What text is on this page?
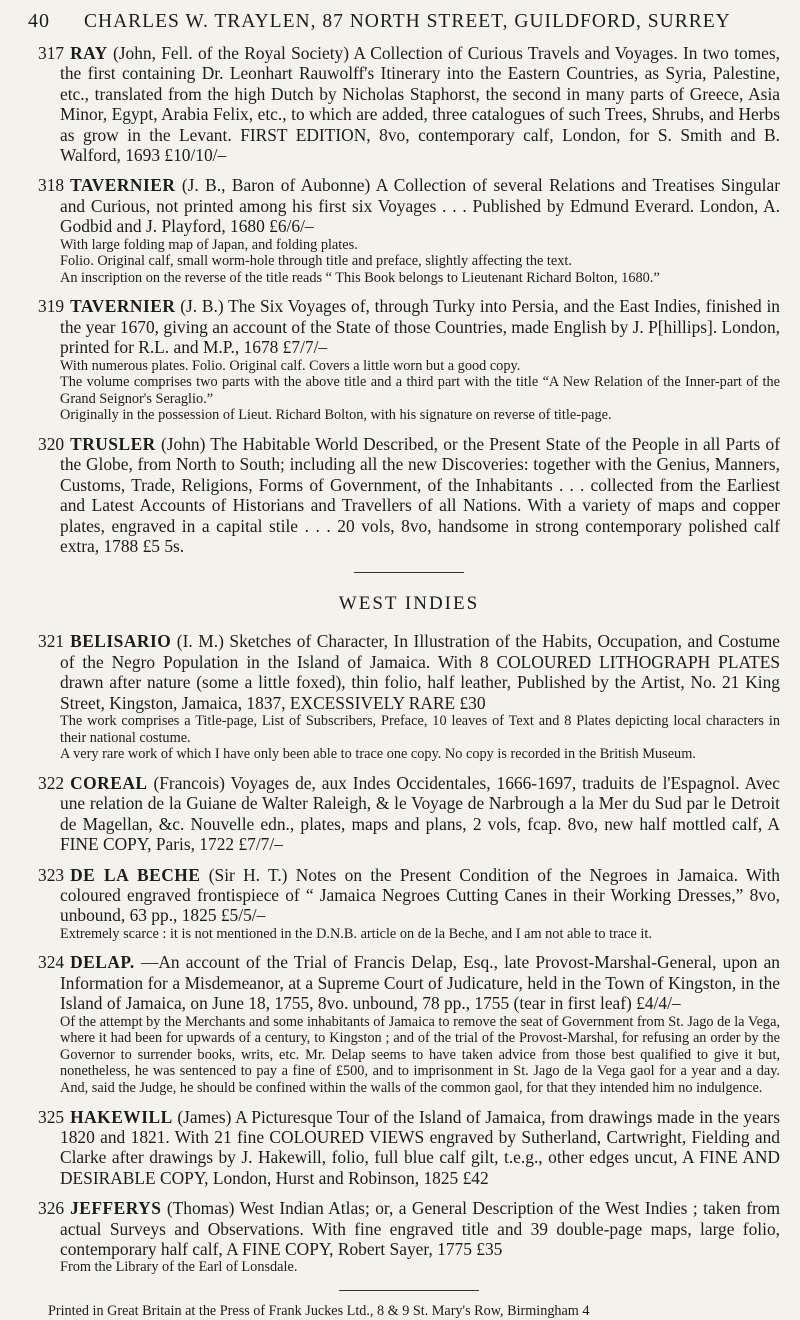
40 CHARLES W. TRAYLEN, 87 NORTH STREET, GUILDFORD, SURREY
317 RAY (John, Fell. of the Royal Society) A Collection of Curious Travels and Voyages. In two tomes, the first containing Dr. Leonhart Rauwolff's Itinerary into the Eastern Countries, as Syria, Palestine, etc., translated from the high Dutch by Nicholas Staphorst, the second in many parts of Greece, Asia Minor, Egypt, Arabia Felix, etc., to which are added, three catalogues of such Trees, Shrubs, and Herbs as grow in the Levant. FIRST EDITION, 8vo, contemporary calf, London, for S. Smith and B. Walford, 1693 £10/10/–
318 TAVERNIER (J. B., Baron of Aubonne) A Collection of several Relations and Treatises Singular and Curious, not printed among his first six Voyages . . . Published by Edmund Everard. London, A. Godbid and J. Playford, 1680 £6/6/–
With large folding map of Japan, and folding plates.
Folio. Original calf, small worm-hole through title and preface, slightly affecting the text.
An inscription on the reverse of the title reads “ This Book belongs to Lieutenant Richard Bolton, 1680.”
319 TAVERNIER (J. B.) The Six Voyages of, through Turky into Persia, and the East Indies, finished in the year 1670, giving an account of the State of those Countries, made English by J. P[hillips]. London, printed for R.L. and M.P., 1678 £7/7/–
With numerous plates. Folio. Original calf. Covers a little worn but a good copy.
The volume comprises two parts with the above title and a third part with the title “A New Relation of the Inner-part of the Grand Seignor's Seraglio.”
Originally in the possession of Lieut. Richard Bolton, with his signature on reverse of title-page.
320 TRUSLER (John) The Habitable World Described, or the Present State of the People in all Parts of the Globe, from North to South; including all the new Discoveries: together with the Genius, Manners, Customs, Trade, Religions, Forms of Government, of the Inhabitants . . . collected from the Earliest and Latest Accounts of Historians and Travellers of all Nations. With a variety of maps and copper plates, engraved in a capital stile . . . 20 vols, 8vo, handsome in strong contemporary polished calf extra, 1788 £5 5s.
WEST INDIES
321 BELISARIO (I. M.) Sketches of Character, In Illustration of the Habits, Occupation, and Costume of the Negro Population in the Island of Jamaica. With 8 COLOURED LITHOGRAPH PLATES drawn after nature (some a little foxed), thin folio, half leather, Published by the Artist, No. 21 King Street, Kingston, Jamaica, 1837, EXCESSIVELY RARE £30
The work comprises a Title-page, List of Subscribers, Preface, 10 leaves of Text and 8 Plates depicting local characters in their national costume.
A very rare work of which I have only been able to trace one copy. No copy is recorded in the British Museum.
322 COREAL (Francois) Voyages de, aux Indes Occidentales, 1666-1697, traduits de l'Espagnol. Avec une relation de la Guiane de Walter Raleigh, & le Voyage de Narbrough a la Mer du Sud par le Detroit de Magellan, &c. Nouvelle edn., plates, maps and plans, 2 vols, fcap. 8vo, new half mottled calf, A FINE COPY, Paris, 1722 £7/7/–
323 DE LA BECHE (Sir H. T.) Notes on the Present Condition of the Negroes in Jamaica. With coloured engraved frontispiece of “ Jamaica Negroes Cutting Canes in their Working Dresses,” 8vo, unbound, 63 pp., 1825 £5/5/–
Extremely scarce : it is not mentioned in the D.N.B. article on de la Beche, and I am not able to trace it.
324 DELAP. —An account of the Trial of Francis Delap, Esq., late Provost-Marshal-General, upon an Information for a Misdemeanor, at a Supreme Court of Judicature, held in the Town of Kingston, in the Island of Jamaica, on June 18, 1755, 8vo. unbound, 78 pp., 1755 (tear in first leaf) £4/4/–
Of the attempt by the Merchants and some inhabitants of Jamaica to remove the seat of Government from St. Jago de la Vega, where it had been for upwards of a century, to Kingston ; and of the trial of the Provost-Marshal, for refusing an order by the Governor to surrender books, writs, etc. Mr. Delap seems to have taken advice from those best qualified to give it but, nonetheless, he was sentenced to pay a fine of £500, and to imprisonment in St. Jago de la Vega gaol for a year and a day. And, said the Judge, he should be confined within the walls of the common gaol, for that they intended him no indulgence.
325 HAKEWILL (James) A Picturesque Tour of the Island of Jamaica, from drawings made in the years 1820 and 1821. With 21 fine COLOURED VIEWS engraved by Sutherland, Cartwright, Fielding and Clarke after drawings by J. Hakewill, folio, full blue calf gilt, t.e.g., other edges uncut, A FINE AND DESIRABLE COPY, London, Hurst and Robinson, 1825 £42
326 JEFFERYS (Thomas) West Indian Atlas; or, a General Description of the West Indies ; taken from actual Surveys and Observations. With fine engraved title and 39 double-page maps, large folio, contemporary half calf, A FINE COPY, Robert Sayer, 1775 £35
From the Library of the Earl of Lonsdale.
Printed in Great Britain at the Press of Frank Juckes Ltd., 8 & 9 St. Mary's Row, Birmingham 4
